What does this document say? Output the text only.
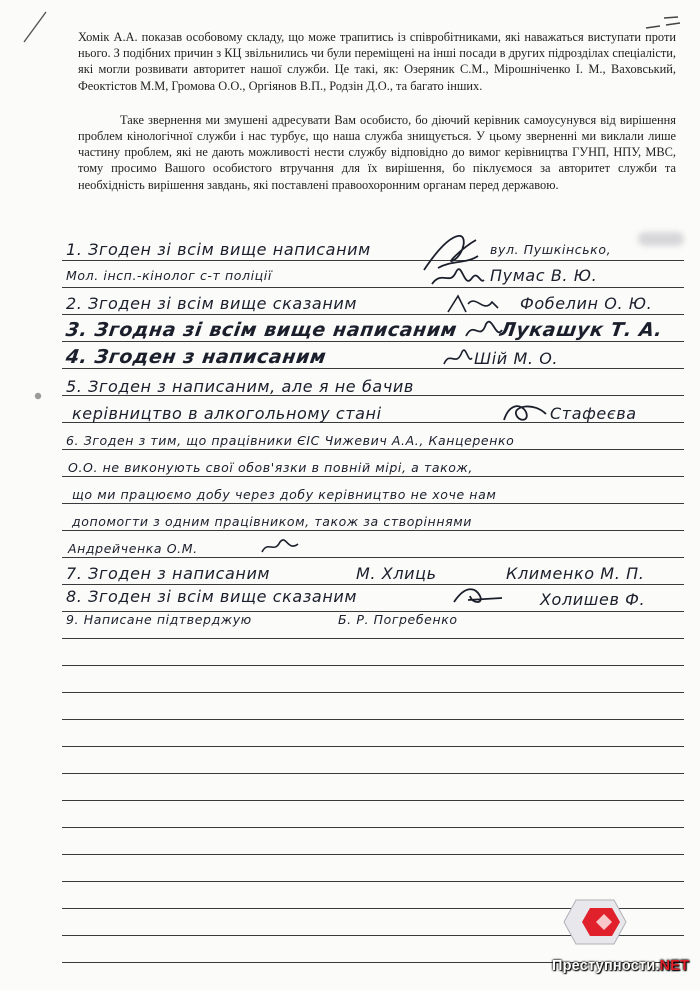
Хомік А.А. показав особовому складу, що може трапитись із співробітниками, які наважаться виступати проти нього. З подібних причин з КЦ звільнились чи були переміщені на інші посади в других підрозділах спеціалісти, які могли розвивати авторитет нашої служби. Це такі, як: Озеряник С.М., Мірошніченко І. М., Ваховський, Феоктістов М.М, Громова О.О., Оргіянов В.П., Родзін Д.О., та багато інших.

Таке звернення ми змушені адресувати Вам особисто, бо діючий керівник самоусунувся від вирішення проблем кінологічної служби і нас турбує, що наша служба знищується. У цьому зверненні ми виклали лише частину проблем, які не дають можливості нести службу відповідно до вимог керівництва ГУНП, НПУ, МВС, тому просимо Вашого особистого втручання для їх вирішення, бо піклуємося за авторитет служби та необхідність вирішення завдань, які поставлені правоохоронним органам перед державою.

1. Згоден зі всім вище написаним	вул. Пушкінсько,
Мол. інсп.-кінолог с-т поліції	Пумас В. Ю.
2. Згоден зі всім вище сказаним	Фобелин О. Ю.
3. Згодна зі всім вище написаним Лукашук Т. А.
4. Згоден з написаним	Шій М. О.
5. Згоден з написаним, але я не бачив
керівництво в алкогольному стані	Стафеєва
6. Згоден з тим, що працівники ЄІС Чижевич А.А., Канцеренко
О.О. не виконують свої обов'язки в повній мірі, а також,
що ми працюємо добу через добу керівництво не хоче нам
допомогти з одним працівником, також за створіннями
Андрейченка О.М.
7. Згоден з написаним	М. Хлиць	Клименко М. П.
8. Згоден зі всім вище сказаним	Холишев Ф.
9. Написане підтверджую	Б. Р. Погребенко
Преступности.NET
